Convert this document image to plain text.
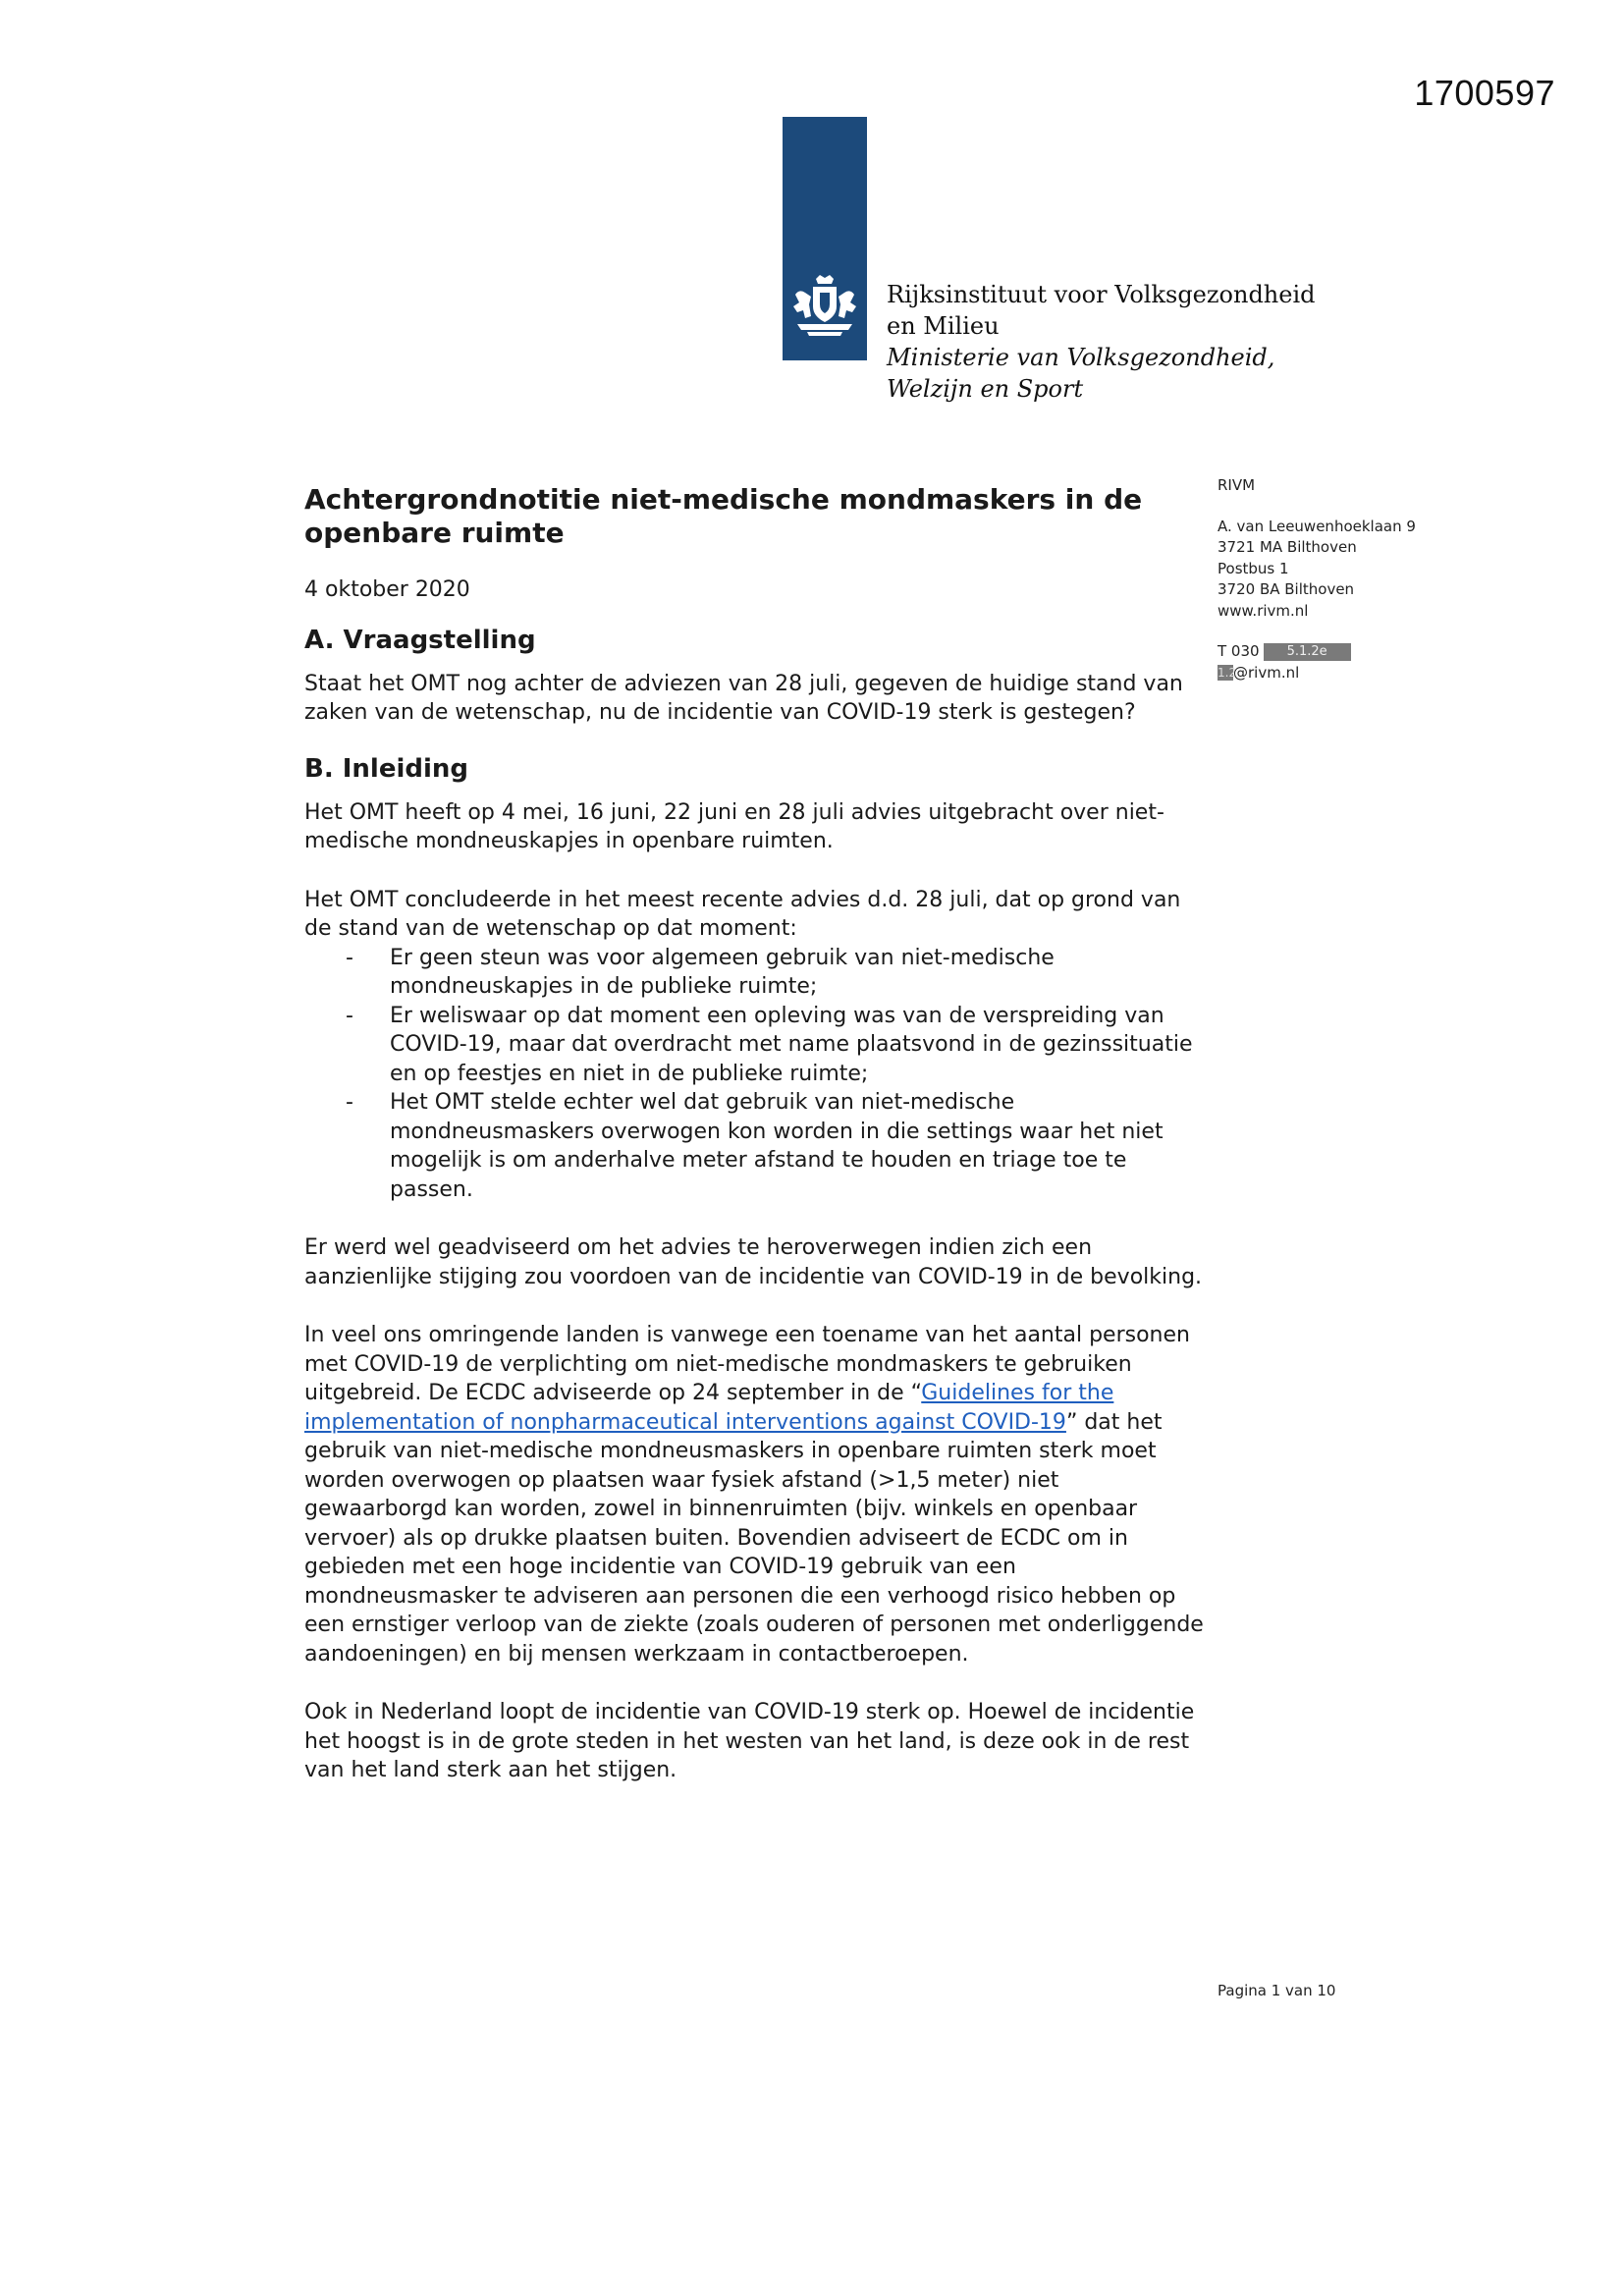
1700597
Rijksinstituut voor Volksgezondheid
en Milieu
Ministerie van Volksgezondheid,
Welzijn en Sport
RIVM
A. van Leeuwenhoeklaan 9
3721 MA Bilthoven
Postbus 1
3720 BA Bilthoven
www.rivm.nl
T 030 5.1.2e
1.2@rivm.nl
Achtergrondnotitie niet-medische mondmaskers in de openbare ruimte
4 oktober 2020
A. Vraagstelling

Staat het OMT nog achter de adviezen van 28 juli, gegeven de huidige stand van zaken van de wetenschap, nu de incidentie van COVID-19 sterk is gestegen?

B. Inleiding

Het OMT heeft op 4 mei, 16 juni, 22 juni en 28 juli advies uitgebracht over niet-medische mondneuskapjes in openbare ruimten.

Het OMT concludeerde in het meest recente advies d.d. 28 juli, dat op grond van de stand van de wetenschap op dat moment:

- Er geen steun was voor algemeen gebruik van niet-medische mondneuskapjes in de publieke ruimte;
- Er weliswaar op dat moment een opleving was van de verspreiding van COVID-19, maar dat overdracht met name plaatsvond in de gezinssituatie en op feestjes en niet in de publieke ruimte;
- Het OMT stelde echter wel dat gebruik van niet-medische mondneusmaskers overwogen kon worden in die settings waar het niet mogelijk is om anderhalve meter afstand te houden en triage toe te passen.

Er werd wel geadviseerd om het advies te heroverwegen indien zich een aanzienlijke stijging zou voordoen van de incidentie van COVID-19 in de bevolking.

In veel ons omringende landen is vanwege een toename van het aantal personen met COVID-19 de verplichting om niet-medische mondmaskers te gebruiken uitgebreid. De ECDC adviseerde op 24 september in de “Guidelines for the implementation of nonpharmaceutical interventions against COVID-19” dat het gebruik van niet-medische mondneusmaskers in openbare ruimten sterk moet worden overwogen op plaatsen waar fysiek afstand (>1,5 meter) niet gewaarborgd kan worden, zowel in binnenruimten (bijv. winkels en openbaar vervoer) als op drukke plaatsen buiten. Bovendien adviseert de ECDC om in gebieden met een hoge incidentie van COVID-19 gebruik van een mondneusmasker te adviseren aan personen die een verhoogd risico hebben op een ernstiger verloop van de ziekte (zoals ouderen of personen met onderliggende aandoeningen) en bij mensen werkzaam in contactberoepen.

Ook in Nederland loopt de incidentie van COVID-19 sterk op. Hoewel de incidentie het hoogst is in de grote steden in het westen van het land, is deze ook in de rest van het land sterk aan het stijgen.

Pagina 1 van 10
